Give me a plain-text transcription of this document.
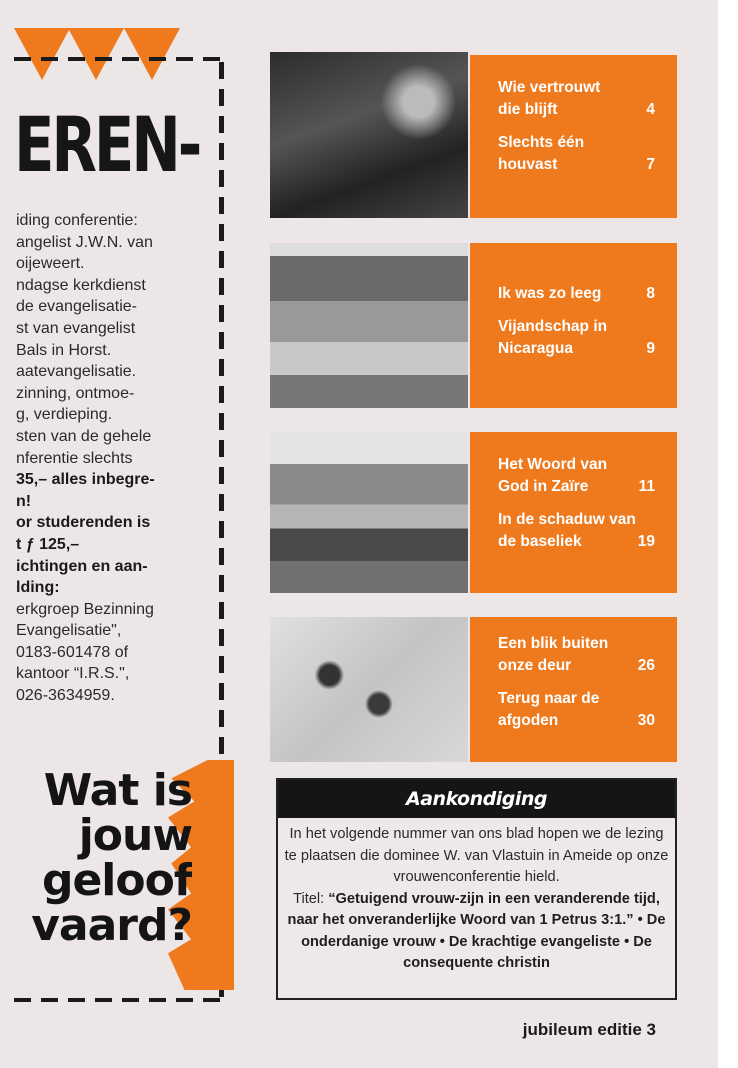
EREN-
iding conferentie:
angelist J.W.N. van
oijeweert.
ndagse kerkdienst
de evangelisatie-
st van evangelist
Bals in Horst.
aatevangelisatie.
zinning, ontmoe-
g, verdieping.
sten van de gehele
nferentie slechts
35,– alles inbegre-
n!
or studerenden is
t ƒ 125,–
ichtingen en aan-
lding:
erkgroep Bezinning
Evangelisatie",
0183-601478 of
kantoor “I.R.S.",
026-3634959.
Wat is
jouw
geloof
vaard?
Wie vertrouwt
die blijft	4
Slechts één
houvast	7
Ik was zo leeg	8
Vijandschap in
Nicaragua	9
Het Woord van
God in Zaïre	11
In de schaduw van
de baseliek	19
Een blik buiten
onze deur	26
Terug naar de
afgoden	30
Aankondiging
In het volgende nummer van ons blad hopen we de lezing te plaatsen die dominee W. van Vlastuin in Ameide op onze vrouwenconferentie hield.
Titel: “Getuigend vrouw-zijn in een veranderende tijd, naar het onveranderlijke Woord van 1 Petrus 3:1.” • De onderdanige vrouw • De krachtige evangeliste • De consequente christin
jubileum editie 3
